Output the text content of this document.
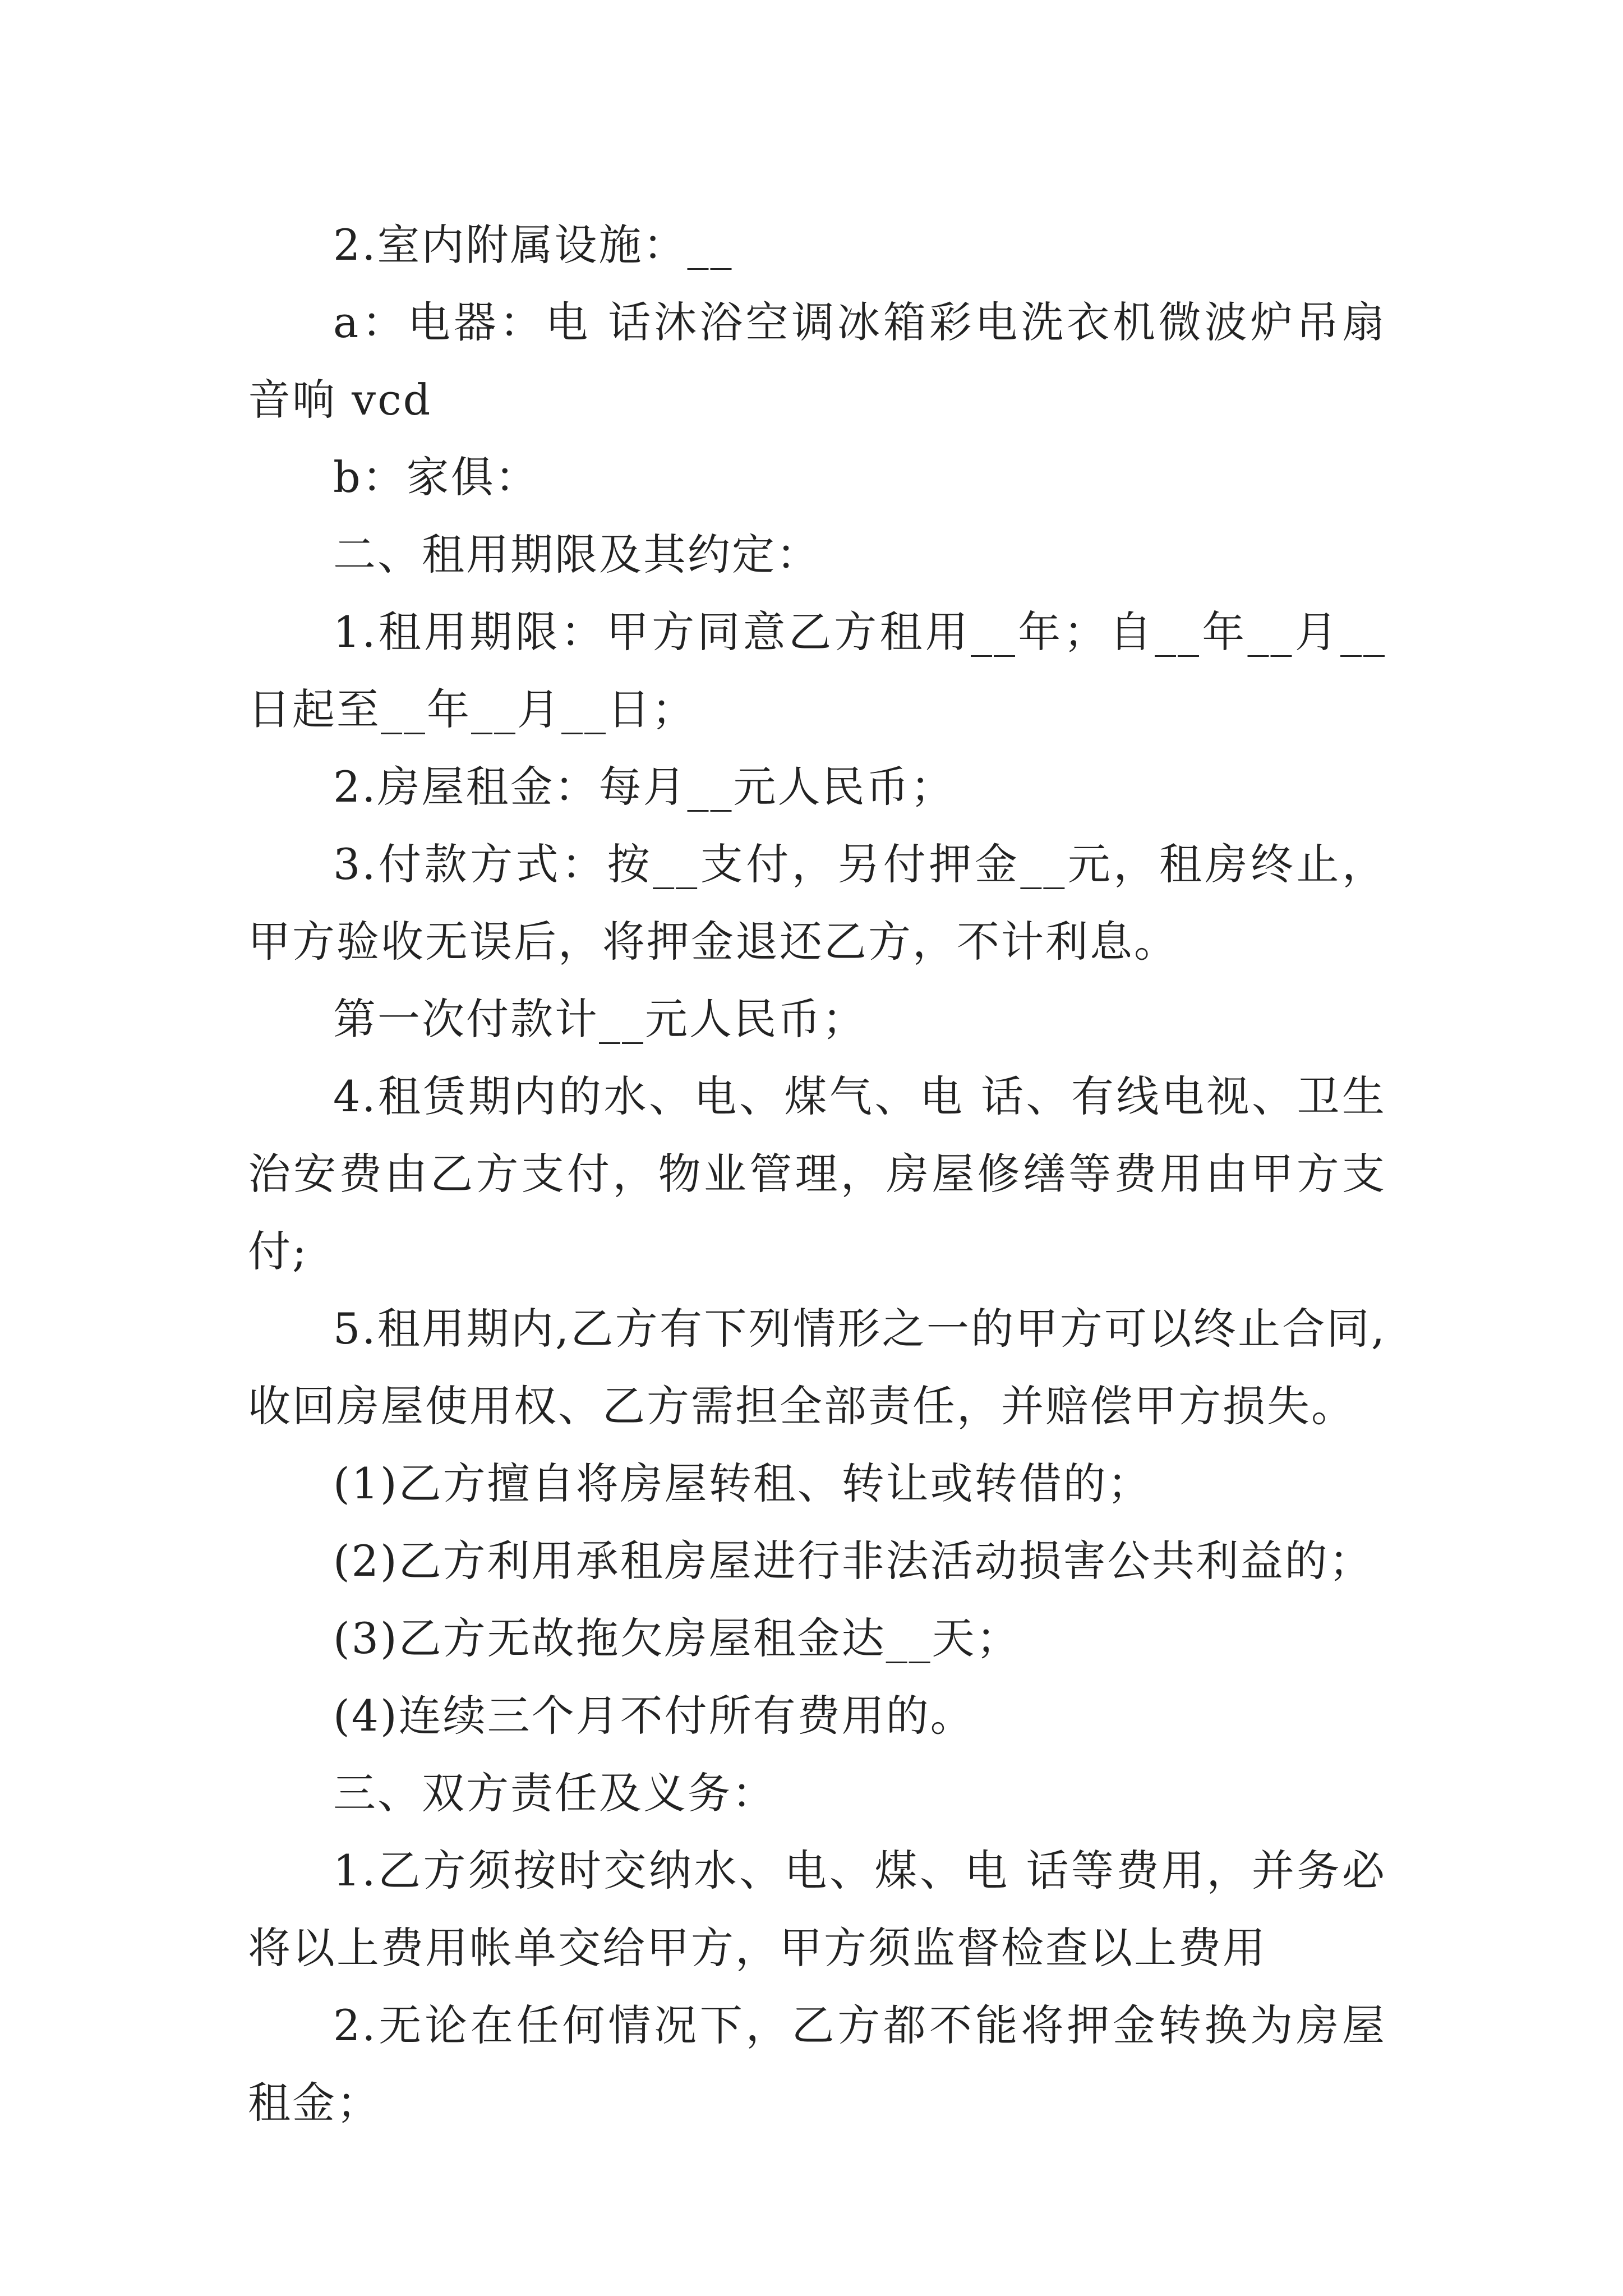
2.室内附属设施：__

a：电器：电 话沐浴空调冰箱彩电洗衣机微波炉吊扇音响 vcd

b：家俱：

二、租用期限及其约定：

1.租用期限：甲方同意乙方租用__年；自__年__月__日起至__年__月__日；

2.房屋租金：每月__元人民币；

3.付款方式：按__支付，另付押金__元，租房终止，甲方验收无误后，将押金退还乙方，不计利息。

第一次付款计__元人民币；

4.租赁期内的水、电、煤气、电 话、有线电视、卫生治安费由乙方支付，物业管理，房屋修缮等费用由甲方支付;

5.租用期内,乙方有下列情形之一的甲方可以终止合同,收回房屋使用权、乙方需担全部责任，并赔偿甲方损失。

(1)乙方擅自将房屋转租、转让或转借的；

(2)乙方利用承租房屋进行非法活动损害公共利益的；

(3)乙方无故拖欠房屋租金达__天；

(4)连续三个月不付所有费用的。

三、双方责任及义务：

1.乙方须按时交纳水、电、煤、电 话等费用，并务必将以上费用帐单交给甲方，甲方须监督检查以上费用

2.无论在任何情况下，乙方都不能将押金转换为房屋租金；
